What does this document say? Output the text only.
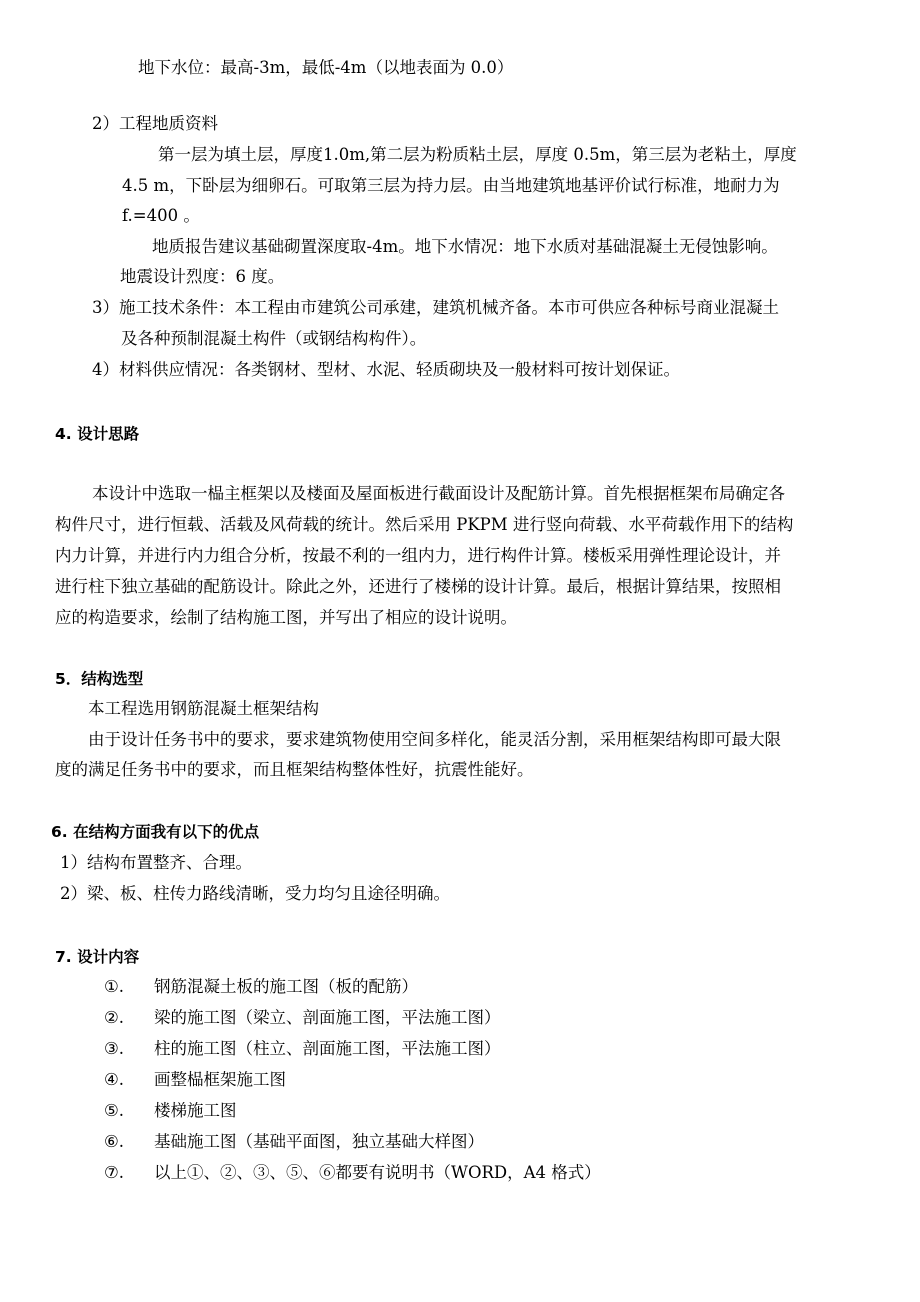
地下水位：最高-3m，最低-4m（以地表面为 0.0）
2）工程地质资料
第一层为填土层，厚度1.0m,第二层为粉质粘土层，厚度 0.5m，第三层为老粘土，厚度
4.5 m，下卧层为细卵石。可取第三层为持力层。由当地建筑地基评价试行标准，地耐力为
f.=400 。
地质报告建议基础砌置深度取-4m。地下水情况：地下水质对基础混凝土无侵蚀影响。
地震设计烈度：6 度。
3）施工技术条件：本工程由市建筑公司承建，建筑机械齐备。本市可供应各种标号商业混凝土
及各种预制混凝土构件（或钢结构构件）。
4）材料供应情况：各类钢材、型材、水泥、轻质砌块及一般材料可按计划保证。
4. 设计思路
本设计中选取一榀主框架以及楼面及屋面板进行截面设计及配筋计算。首先根据框架布局确定各
构件尺寸，进行恒载、活载及风荷载的统计。然后采用 PKPM 进行竖向荷载、水平荷载作用下的结构
内力计算，并进行内力组合分析，按最不利的一组内力，进行构件计算。楼板采用弹性理论设计，并
进行柱下独立基础的配筋设计。除此之外，还进行了楼梯的设计计算。最后，根据计算结果，按照相
应的构造要求，绘制了结构施工图，并写出了相应的设计说明。
5．结构选型
本工程选用钢筋混凝土框架结构
由于设计任务书中的要求，要求建筑物使用空间多样化，能灵活分割，采用框架结构即可最大限
度的满足任务书中的要求，而且框架结构整体性好，抗震性能好。
6. 在结构方面我有以下的优点
1）结构布置整齐、合理。
2）梁、板、柱传力路线清晰，受力均匀且途径明确。
7. 设计内容
①. 钢筋混凝土板的施工图（板的配筋）
②. 梁的施工图（梁立、剖面施工图，平法施工图）
③. 柱的施工图（柱立、剖面施工图，平法施工图）
④. 画整榀框架施工图
⑤. 楼梯施工图
⑥. 基础施工图（基础平面图，独立基础大样图）
⑦. 以上①、②、③、⑤、⑥都要有说明书（WORD，A4 格式）
